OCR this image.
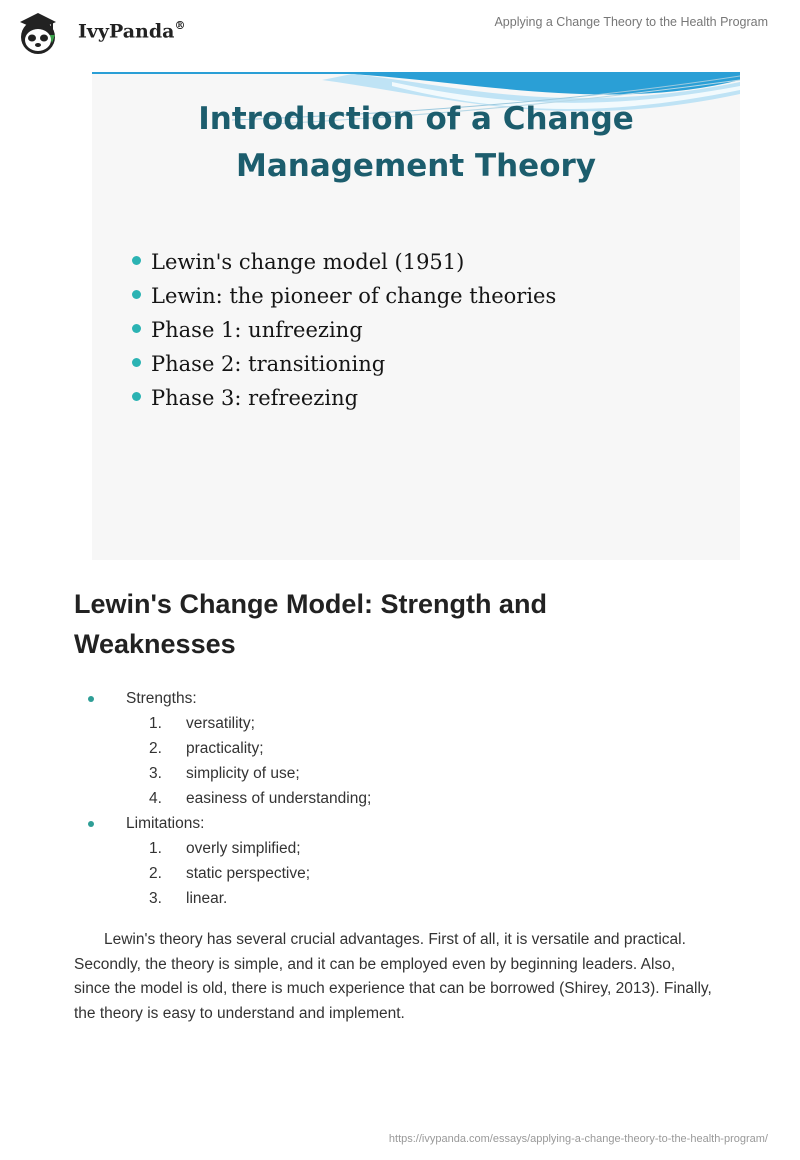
IvyPanda®	Applying a Change Theory to the Health Program
Introduction of a Change
Management Theory
Lewin's change model (1951)
Lewin: the pioneer of change theories
Phase 1: unfreezing
Phase 2: transitioning
Phase 3: refreezing
Lewin's Change Model: Strength and
Weaknesses
Strengths:
1. versatility;
2. practicality;
3. simplicity of use;
4. easiness of understanding;
Limitations:
1. overly simplified;
2. static perspective;
3. linear.

Lewin's theory has several crucial advantages. First of all, it is versatile and practical. Secondly, the theory is simple, and it can be employed even by beginning leaders. Also, since the model is old, there is much experience that can be borrowed (Shirey, 2013). Finally, the theory is easy to understand and implement.

https://ivypanda.com/essays/applying-a-change-theory-to-the-health-program/
